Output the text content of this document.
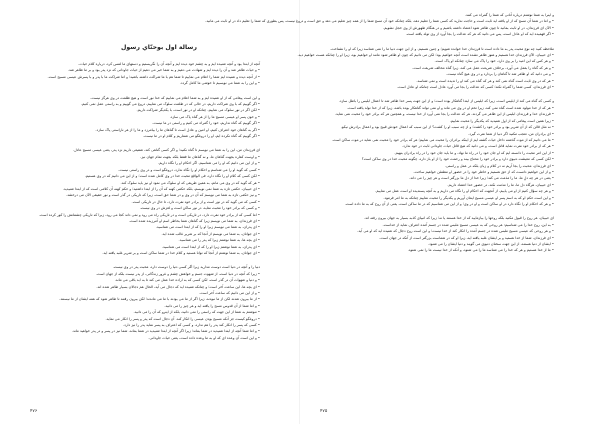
رسالة اول بوحنّاي رسول
آنچه از ابتدا بود و آنچه شنیده ایم و به چشم خود دیده ایم و آنچه آن را نگریستیم و دستهای ما لمس کرد، درباره کلام حیات.
• و حیات ظاهر شد و آن را دیده ایم و شهادت می دهیم و به شما خبر می دهیم از حیات جاودانی که نزد پدر بود و بر ما ظاهر شد.
• از آنچه دیده و شنیده ایم شما را اعلام می نماییم تا شما هم با ما شراکت داشته باشید؛ و اما شراکت ما با پدر و با پسرش عیسی مسیح است.
• و این را به شما می نویسیم تا خوشی ما کامل گردد.
و این است پیغامی که از او شنیده ایم و به شما اعلام می نماییم که خدا نور است و هیچ ظلمت در وی هرگز نیست.
• اگر گوییم که با وی شراکت داریم، در حالی که در ظلمت سلوک می نماییم، دروغ می گوییم و به راستی عمل نمی کنیم.
• لکن اگر در نور سلوک می نماییم، چنانکه او در نور است، با یکدیگر شراکت داریم.
• و خون پسر او عیسی مسیح ما را از هر گناه پاک می سازد.
• اگر گوییم که گناه نداریم، خود را گمراه می کنیم و راستی در ما نیست.
• اگر به گناهان خود اعتراف کنیم، او امین و عادل است تا گناهان ما را بیامرزد و ما را از هر ناراستی پاک سازد.
• اگر گوییم که گناه نکرده ایم، او را دروغگو می شماریم و کلام او در ما نیست.
ای فرزندان من، این را به شما می نویسم تا گناه نکنید؛ و اگر کسی گناهی کند، شفیعی داریم نزد پدر، یعنی عیسی مسیح عادل.
• و اوست کفاره بجهت گناهان ما، و نه گناهان ما فقط بلکه بجهت تمام جهان نیز.
• و از این می دانیم که او را می شناسیم، اگر احکام او را نگاه داریم.
• کسی که گوید او را می شناسم و احکام او را نگاه ندارد، دروغگو است و در وی راستی نیست.
• لکن کسی که کلام او را نگاه دارد، فی الواقع محبت خدا در وی کامل شده است؛ و از این می دانیم که در وی هستیم.
• هر که گوید که در وی می مانم، به همین طریقی که او سلوک می نمود او نیز باید سلوک کند.
• ای حبیبان، حکمی تازه به شما نمی نویسم، بلکه حکمی کهنه که آن را از ابتدا داشتید؛ و حکم کهنه آن کلامی است که از ابتدا شنیدید.
• و نیز حکمی تازه به شما می نویسم که آن در وی و در شما حق است، زیرا که تاریکی در گذر است و نور حقیقی الآن می درخشد.
• کسی که می گوید که در نور است و از برادر خود نفرت دارد، تا حال در تاریکی است.
• و کسی که برادر خود را محبت نماید، در نور ساکن است و لغزش در وی نیست.
• اما کسی که از برادر خود نفرت دارد، در تاریکی است و در تاریکی راه می رود و نمی داند کجا می رود، زیرا که تاریکی چشمانش را کور کرده است.
• ای فرزندان، به شما می نویسم زیرا که گناهان شما بخاطر اسم او آمرزیده شده است.
• ای پدران، به شما می نویسم زیرا او را که از ابتدا است می شناسید.
• ای جوانان، به شما می نویسم از آنجا که بر شریر غالب شده اید.
• ای بچه ها، به شما نوشتم زیرا که پدر را می شناسید.
• ای پدران، به شما نوشتم زیرا او را که از ابتدا است می شناسید.
• ای جوانان، به شما نوشتم از آنجا که توانا هستید و کلام خدا در شما ساکن است و بر شریر غلبه یافته اید.
دنیا را و آنچه در دنیا است دوست مدارید زیرا اگر کسی دنیا را دوست دارد، محبت پدر در وی نیست.
• زیرا که آنچه در دنیا است، از شهوت جسم و خواهش چشم و غرور زندگانی، از پدر نیست بلکه از جهان است.
• و دنیا و شهوات آن در گذر است، لکن کسی که به اراده خدا عمل می کند تا به ابد باقی می ماند.
• ای بچه ها، این ساعت آخر است؛ و چنانکه شنیده اید که دجال می آید، الحال هم دجالان بسیار ظاهر شده اند.
• و از این می دانیم که ساعت آخر است.
• از ما بیرون شدند لکن از ما نبودند، زیرا اگر از ما می بودند با ما می ماندند؛ لکن بیرون رفتند تا ظاهر شود که همه ایشان از ما نیستند.
• و اما شما از آن قدوس مسح را یافته اید و هر چیز را می دانید.
• ننوشتم به شما از این جهت که راستی را نمی دانید، بلکه از اینرو که آن را می دانید.
• دروغگو کیست جز آنکه مسیح بودن عیسی را انکار کند. آن دجال است که پدر و پسر را انکار می نماید.
• کسی که پسر را انکار کند پدر را هم ندارد، و کسی که اعتراف به پسر نماید پدر را نیز دارد.
• و اما شما آنچه از ابتدا شنیدید در شما بماند؛ زیرا اگر آنچه از ابتدا شنیدید در شما بماند، شما نیز در پسر و در پدر خواهید ماند.
• و این است آن وعده ای که او به ما وعده داده است، یعنی حیات جاودانی.
۴۷۶
و اینرا به شما نوشتم درباره آنانی که شما را گمراه می کنند.
• و اما در شما آن مسح که از او یافته اید ثابت است و حاجت ندارید که کسی شما را تعلیم دهد، بلکه چنانکه خود آن مسح شما را از همه چیز تعلیم می دهد و حق است و دروغ نیست، پس بطوری که شما را تعلیم داد در او ثابت می مانید.
• الآن ای فرزندان، در او ثابت بمانید تا چون ظاهر شود اعتماد داشته باشیم و در هنگام ظهورش از وی خجل نشویم.
• اگر فهمیده اید که او عادل است، پس می دانید که هر که عدالت را بجا آورد از وی تولد یافته است.
ملاحظه کنید چه نوع محبت پدر به ما داده است تا فرزندان خدا خوانده شویم؛ و چنین هستیم. و از این جهت دنیا ما را نمی شناسد زیرا که او را نشناخت.
• ای حبیبان، الآن فرزندان خدا هستیم و هنوز ظاهر نشده است آنچه خواهیم بود؛ لکن می دانیم که چون او ظاهر شود مانند او خواهیم بود، زیرا او را چنانکه هست خواهیم دید.
• و هر کس که این امید را بر وی دارد، خود را پاک می سازد چنانکه او پاک است.
• و هر که گناه را بعمل می آورد، برخلاف شریعت عمل می کند، زیرا گناه مخالف شریعت است.
• و می دانید که او ظاهر شد تا گناهان را بردارد و در وی هیچ گناه نیست.
• هر که در وی ثابت است گناه نمی کند و هر که گناه می کند او را ندیده است و نمی شناسد.
• ای فرزندان، کسی شما را گمراه نکند؛ کسی که عدالت را بجا می آورد عادل است چنانکه او عادل است.
و کسی که گناه می کند از ابلیس است، زیرا که ابلیس از ابتدا گناهکار بوده است؛ و از این جهت پسر خدا ظاهر شد تا اعمال ابلیس را باطل سازد.
• هر که از خدا مولود شده است گناه نمی کند، زیرا تخم او در وی می ماند و او نمی تواند گناهکار بوده باشد، زیرا که از خدا تولد یافته است.
• فرزندان خدا و فرزندان ابلیس از این ظاهر می گردند. هر که عدالت را بجا نمی آورد از خدا نیست، و همچنین هر که برادر خود را محبت نمی نماید.
• زیرا همین است پیغامی که از اول شنیدید که یکدیگر را محبت نماییم.
• نه مثل قائن که از آن شریر بود و برادر خود را کشت؛ و از چه سبب او را کشت؟ از این سبب که اعمال خودش قبیح بود و اعمال برادرش نیکو.
• ای برادران من، تعجب مکنید اگر دنیا از شما نفرت گیرد.
• ما می دانیم که از موت گذشته داخل حیات گشته ایم از اینکه برادران را محبت می نماییم؛ هر که برادر خود را محبت نمی نماید در موت ساکن است.
• هر که از برادر خود نفرت نماید قاتل است، و می دانید که هیچ قاتل حیات جاودانی ثابت در خود ندارد.
• از این امر محبت را دانسته ایم که او جان خود را در راه ما نهاد، و ما باید جان خود را در راه برادران بنهیم.
• لکن کسی که معیشت دنیوی دارد و برادر خود را محتاج بیند و رحمت خود را از او باز دارد، چگونه محبت خدا در وی ساکن است؟
• ای فرزندان، محبت را بجا آریم نه در کلام و زبان بلکه در عمل و راستی.
• و از این خواهیم دانست که از حق هستیم و خاطر خود را در حضور او مطمئن خواهیم ساخت.
• یعنی در هر چه دلِ ما، ما را مذمت می کند؛ زیرا خدا از دل ما بزرگتر است و هر چیز را می داند.
• ای حبیبان، هرگاه دل ما، ما را مذمت نکند، در حضور خدا اعتماد داریم.
• و هر چه سؤال کنیم از او می یابیم، از آنجهت که احکام او را نگاه می داریم و به آنچه پسندیده او است عمل می نماییم.
• و این است حکم او که به اسم پسر او عیسی مسیح ایمان آوریم و یکدیگر را محبت نماییم چنانکه به ما امر فرمود.
• و هر که احکام او را نگاه دارد در او ساکن است و او در وی؛ و از این می شناسیم که در ما ساکن است، یعنی از آن روح که به ما داده است.
ای حبیبان، هر روح را قبول مکنید بلکه روحها را بیازمایید که از خدا هستند یا نه؛ زیرا که انبیای کذبه بسیار به جهان بیرون رفته اند.
• به این، روح خدا را می شناسیم: هر روحی که به عیسی مسیح ملبس شده در جسم آمده اعتراف نماید از خداست.
• و هر روحی که عیسی مسیح ملبس شده در جسم آمده را انکار کند از خدا نیست؛ و این است روح دجال که شنیده اید که او می آید.
• ای فرزندان، شما از خدا هستید و بر ایشان غلبه یافته اید، زیرا او که در شماست بزرگتر است از آنکه در جهان است.
• ایشان از دنیا هستند، از این جهت سخنان دنیوی می گویند و دنیا ایشان را می شنود.
• ما از خدا هستیم و هر که خدا را می شناسد ما را می شنود، و آنکه از خدا نیست ما را نمی شنود.
۴۷۵
